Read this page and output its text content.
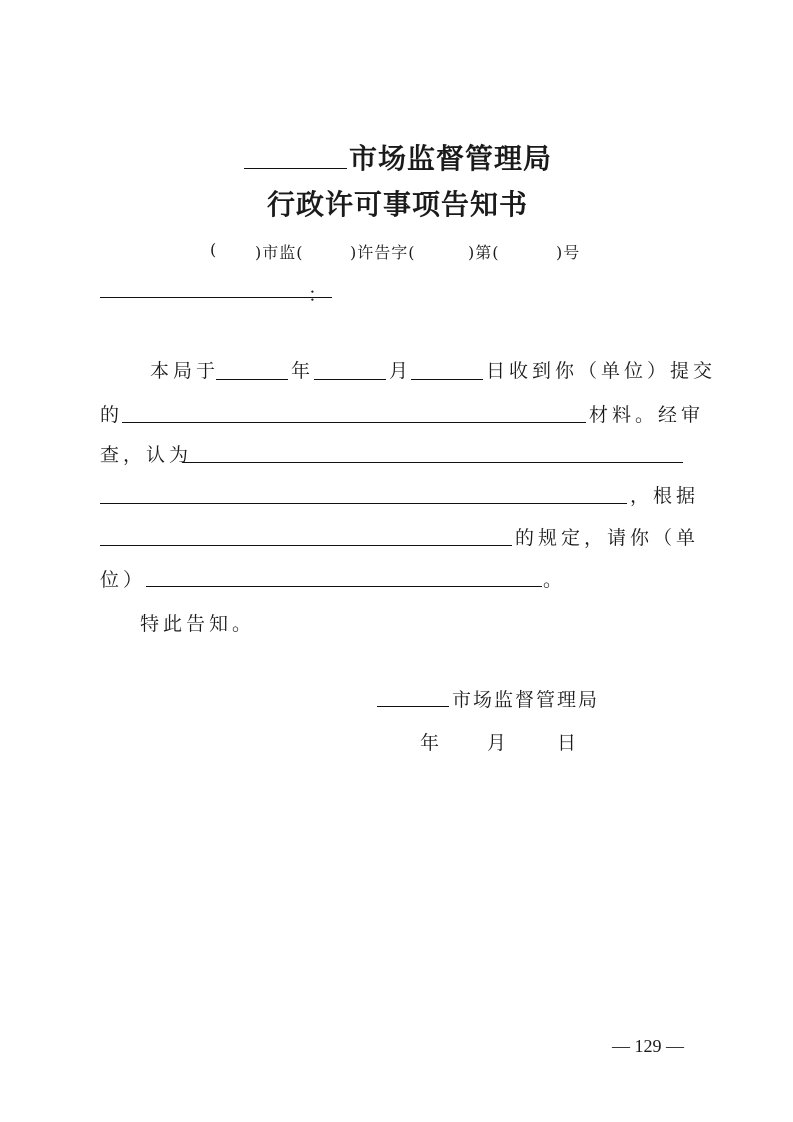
市场监督管理局
行政许可事项告知书
( )市监(	)许告字(	)第(	)号
：
本局于	年	月	日收到你（单位）提交
的	材料。经审
查，认为
，根据
的规定，请你（单
位）	。
特此告知。
市场监督管理局
年 月 日
— 129 —
